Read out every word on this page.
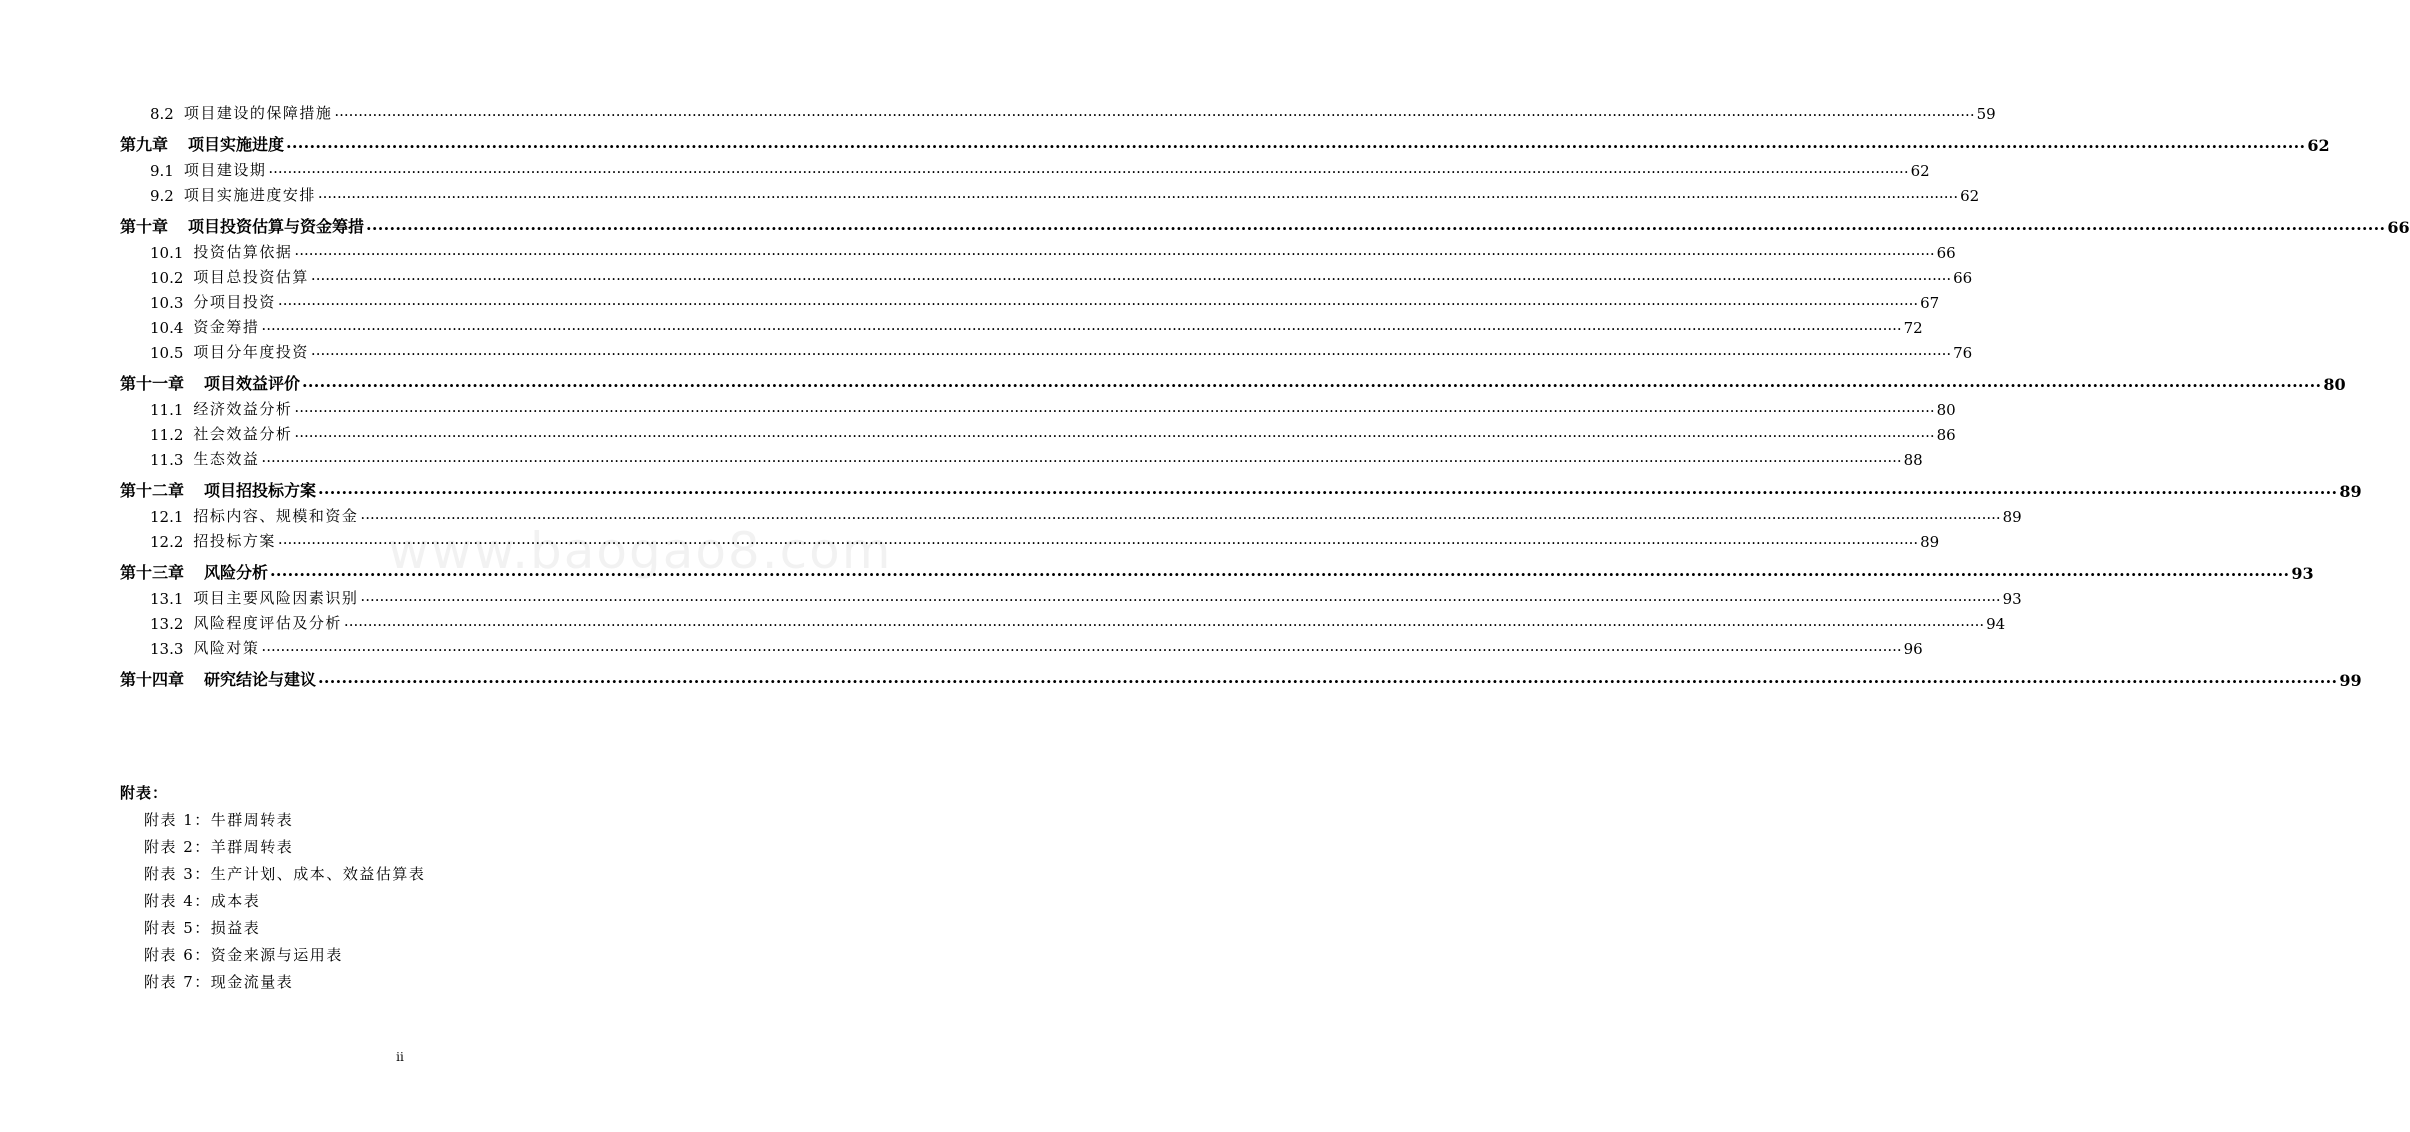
www.baogao8.com
8.2 项目建设的保障措施 .....	59
第九章 项目实施进度 .....	62
9.1 项目建设期 .....	62
9.2 项目实施进度安排 .....	62
第十章 项目投资估算与资金筹措 .....	66
10.1 投资估算依据 .....	66
10.2 项目总投资估算 .....	66
10.3 分项目投资 .....	67
10.4 资金筹措 .....	72
10.5 项目分年度投资 .....	76
第十一章 项目效益评价 .....	80
11.1 经济效益分析 .....	80
11.2 社会效益分析 .....	86
11.3 生态效益 .....	88
第十二章 项目招投标方案 .....	89
12.1 招标内容、规模和资金 .....	89
12.2 招投标方案 .....	89
第十三章 风险分析 .....	93
13.1 项目主要风险因素识别 .....	93
13.2 风险程度评估及分析 .....	94
13.3 风险对策 .....	96
第十四章 研究结论与建议 .....	99
附表：
附表 1：牛群周转表
附表 2：羊群周转表
附表 3：生产计划、成本、效益估算表
附表 4：成本表
附表 5：损益表
附表 6：资金来源与运用表
附表 7：现金流量表
ii
